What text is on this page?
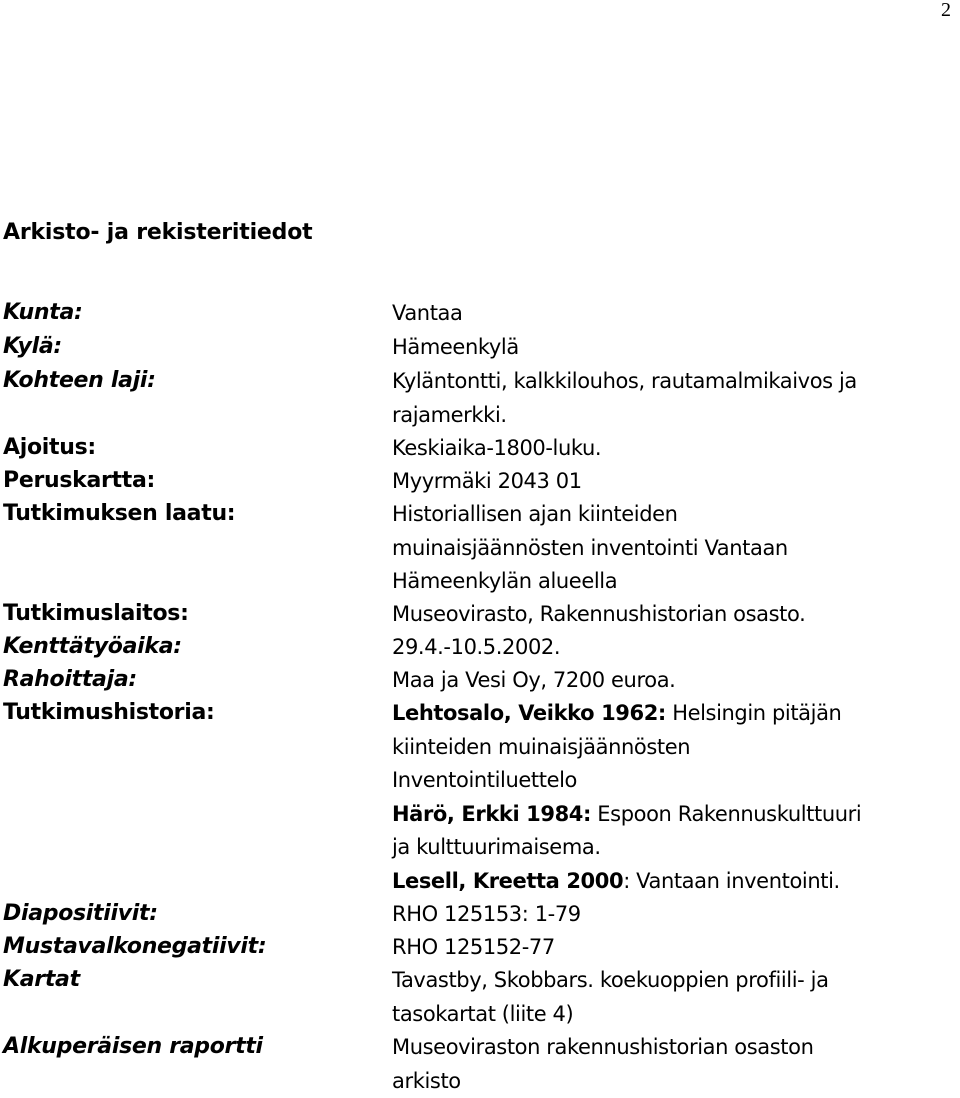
2
Arkisto- ja rekisteritiedot
Kunta:	Vantaa

Kylä:	Hämeenkylä

Kohteen laji:	Kyläntontti, kalkkilouhos, rautamalmikaivos ja

rajamerkki.

Ajoitus:	Keskiaika-1800-luku.

Peruskartta:	Myyrmäki 2043 01

Tutkimuksen laatu:	Historiallisen ajan kiinteiden

muinaisjäännösten inventointi Vantaan

Hämeenkylän alueella

Tutkimuslaitos:	Museovirasto, Rakennushistorian osasto.

Kenttätyöaika:	29.4.-10.5.2002.

Rahoittaja:	Maa ja Vesi Oy, 7200 euroa.

Tutkimushistoria:	Lehtosalo, Veikko 1962: Helsingin pitäjän

kiinteiden muinaisjäännösten

Inventointiluettelo

Härö, Erkki 1984: Espoon Rakennuskulttuuri

ja kulttuurimaisema.

Lesell, Kreetta 2000: Vantaan inventointi.

Diapositiivit:	RHO 125153: 1-79

Mustavalkonegatiivit:	RHO 125152-77

Kartat	Tavastby, Skobbars. koekuoppien profiili- ja

tasokartat (liite 4)

Alkuperäisen raportti	Museoviraston rakennushistorian osaston

arkisto
